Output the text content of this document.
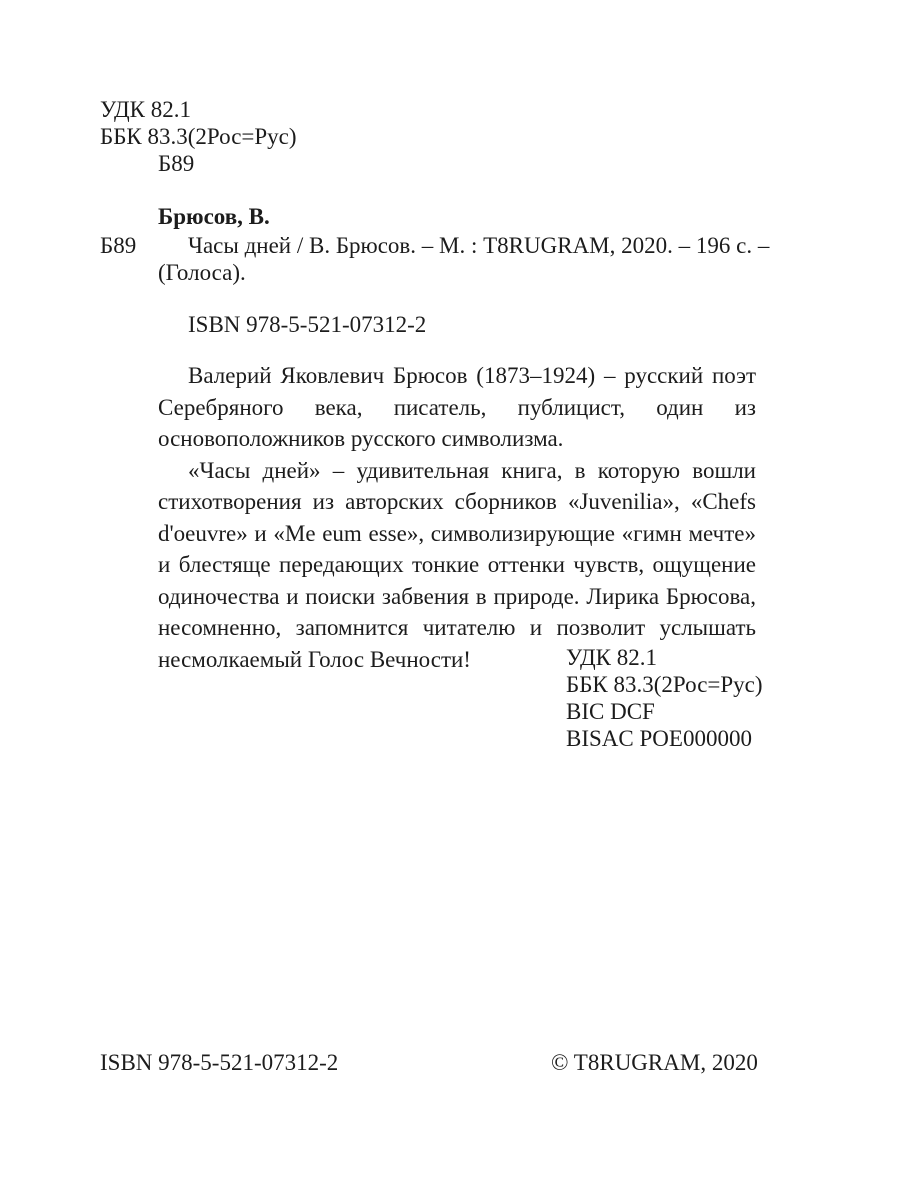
УДК 82.1
ББК 83.3(2Рос=Рус)
Б89
Брюсов, В.
Б89 Часы дней / В. Брюсов. – М. : T8RUGRAM, 2020. – 196 с. –
(Голоса).
ISBN 978-5-521-07312-2

Валерий Яковлевич Брюсов (1873–1924) – русский поэт Серебряного века, писатель, публицист, один из основоположников русского символизма.

«Часы дней» – удивительная книга, в которую вошли стихотворения из авторских сборников «Juvenilia», «Chefs d'oeuvre» и «Me eum esse», символизирующие «гимн мечте» и блестяще передающих тонкие оттенки чувств, ощущение одиночества и поиски забвения в природе. Лирика Брюсова, несомненно, запомнится читателю и позволит услышать несмолкаемый Голос Вечности!	УДК 82.1
ББК 83.3(2Рос=Рус)
BIC DCF
BISAC POE000000
ISBN 978-5-521-07312-2	© T8RUGRAM, 2020
